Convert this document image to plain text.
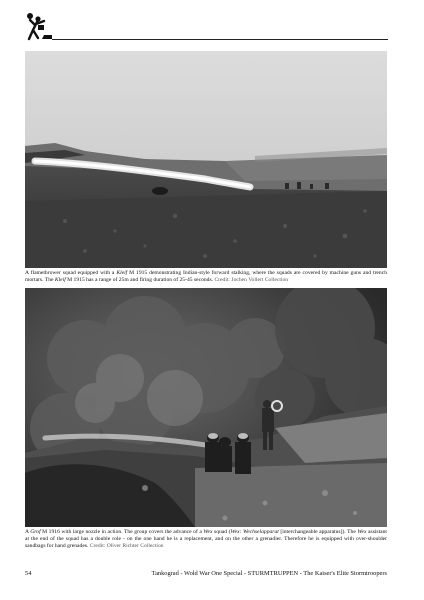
A flamethrower squad equipped with a Kleif M 1915 demonstrating Indian-style forward stalking, where the squads are covered by machine guns and trench mortars. The Kleif M 1915 has a range of 25m and firing duration of 25-45 seconds. Credit: Jochen Vollert Collection
A Grof M 1916 with large nozzle in action. The group covers the advance of a Wex squad (Wex: Wechselapparat [interchangeable apparatus]). The Wex assistant at the end of the squad has a double role - on the one hand he is a replacement, and on the other a grenadier. Therefore he is equipped with over-shoulder sandbags for hand grenades. Credit: Oliver Richter Collection
54	Tankograd - Wold War One Special - STURMTRUPPEN - The Kaiser's Elite Stormtroopers
